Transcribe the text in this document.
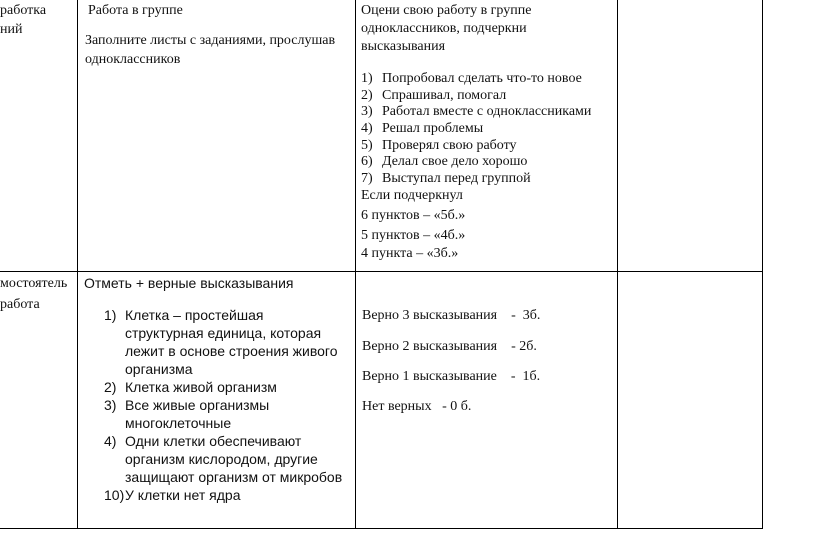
работка
ний
Работа в группе
Заполните листы с заданиями, прослушав
одноклассников
Оцени свою работу в группе
одноклассников, подчеркни
высказывания
1) Попробовал сделать что-то новое
2) Спрашивал, помогал
3) Работал вместе с одноклассниками
4) Решал проблемы
5) Проверял свою работу
6) Делал свое дело хорошо
7) Выступал перед группой
Если подчеркнул
6 пунктов – «5б.»
5 пунктов – «4б.»
4 пункта – «3б.»
мостоятель
работа
Отметь + верные высказывания
1) Клетка – простейшая
структурная единица, которая
лежит в основе строения живого
организма
2) Клетка живой организм
3) Все живые организмы
многоклеточные
4) Одни клетки обеспечивают
организм кислородом, другие
защищают организм от микробов
10) У клетки нет ядра
Верно 3 высказывания    -  3б.
Верно 2 высказывания    - 2б.
Верно 1 высказывание    -  1б.
Нет верных   - 0 б.
